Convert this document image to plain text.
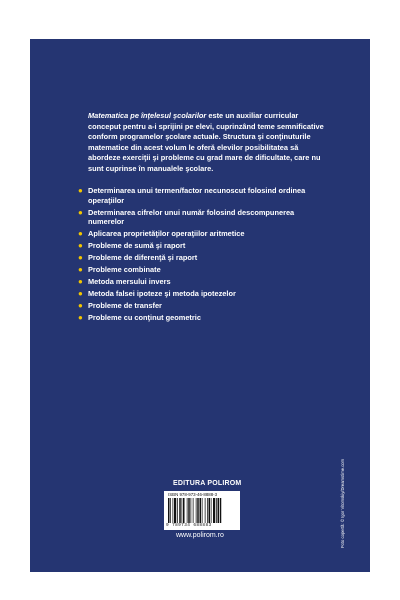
Matematica pe înţelesul şcolarilor este un auxiliar curricular conceput pentru a-i sprijini pe elevi, cuprinzând teme semnificative conform programelor şcolare actuale. Structura şi conţinuturile matematice din acest volum le oferă elevilor posibilitatea să abordeze exerciţii şi probleme cu grad mare de dificultate, care nu sunt cuprinse în manualele şcolare.

● Determinarea unui termen/factor necunoscut folosind ordinea operaţiilor
● Determinarea cifrelor unui număr folosind descompunerea numerelor
● Aplicarea proprietăţilor operaţiilor aritmetice
● Probleme de sumă şi raport
● Probleme de diferenţă şi raport
● Probleme combinate
● Metoda mersului invers
● Metoda falsei ipoteze şi metoda ipotezelor
● Probleme de transfer
● Probleme cu conţinut geometric
EDITURA POLIROM
ISBN 978-973-46-8888-3
9 789734 688883
www.polirom.ro	Foto copertă: © Igor Vitomskiy/Dreamstime.com
